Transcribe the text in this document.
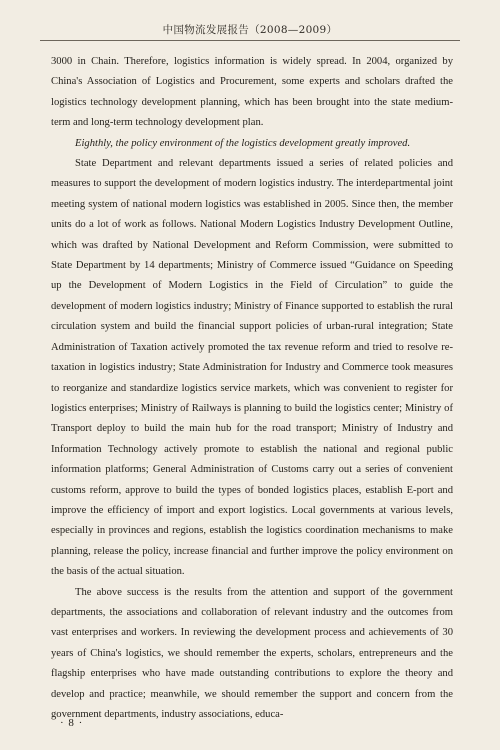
中国物流发展报告（2008—2009）

3000 in Chain. Therefore, logistics information is widely spread. In 2004, organized by China's Association of Logistics and Procurement, some experts and scholars drafted the logistics technology development planning, which has been brought into the state medium-term and long-term technology development plan.

Eighthly, the policy environment of the logistics development greatly improved.

State Department and relevant departments issued a series of related policies and measures to support the development of modern logistics industry. The interdepartmental joint meeting system of national modern logistics was established in 2005. Since then, the member units do a lot of work as follows. National Modern Logistics Industry Development Outline, which was drafted by National Development and Reform Commission, were submitted to State Department by 14 departments; Ministry of Commerce issued “Guidance on Speeding up the Development of Modern Logistics in the Field of Circulation” to guide the development of modern logistics industry; Ministry of Finance supported to establish the rural circulation system and build the financial support policies of urban-rural integration; State Administration of Taxation actively promoted the tax revenue reform and tried to resolve re-taxation in logistics industry; State Administration for Industry and Commerce took measures to reorganize and standardize logistics service markets, which was convenient to register for logistics enterprises; Ministry of Railways is planning to build the logistics center; Ministry of Transport deploy to build the main hub for the road transport; Ministry of Industry and Information Technology actively promote to establish the national and regional public information platforms; General Administration of Customs carry out a series of convenient customs reform, approve to build the types of bonded logistics places, establish E-port and improve the efficiency of import and export logistics. Local governments at various levels, especially in provinces and regions, establish the logistics coordination mechanisms to make planning, release the policy, increase financial and further improve the policy environment on the basis of the actual situation.

The above success is the results from the attention and support of the government departments, the associations and collaboration of relevant industry and the outcomes from vast enterprises and workers. In reviewing the development process and achievements of 30 years of China's logistics, we should remember the experts, scholars, entrepreneurs and the flagship enterprises who have made outstanding contributions to explore the theory and develop and practice; meanwhile, we should remember the support and concern from the government departments, industry associations, educa-

· 8 ·
